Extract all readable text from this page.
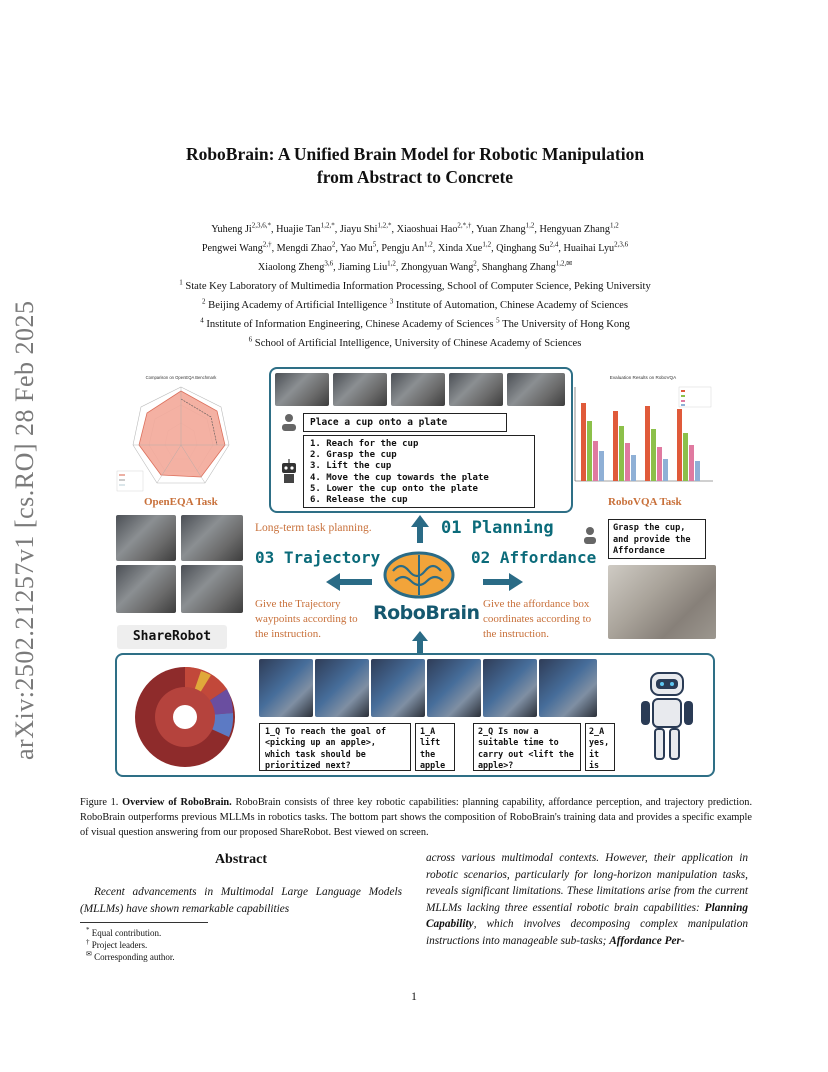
arXiv:2502.21257v1 [cs.RO] 28 Feb 2025
RoboBrain: A Unified Brain Model for Robotic Manipulation
from Abstract to Concrete
Yuheng $Ji^{2,3,6,*}$, Huajie Tan$^{1,2,*}$, Jiayu Shi$^{1,2,*}$, Xiaoshuai Hao$^{2,*,\dagger}$, Yuan Zhang$^{1,2}$, Hengyuan Zhang$^{1,2}$
Pengwei Wang$^{2,\dagger}$, Mengdi Zhao$^2$, Yao Mu$^5$, Pengju An$^{1,2}$, Xinda Xue$^{1,2}$, Qinghang Su$^{2,4}$, Huaihai Lyu$^{2,3,6}$
Xiaolong Zheng$^{3,6}$, Jiaming Liu$^{1,2}$, Zhongyuan Wang$^2$, Shanghang Zhang$^{1,2,✉}$
$^1$ State Key Laboratory of Multimedia Information Processing, School of Computer Science, Peking University
$^2$ Beijing Academy of Artificial Intelligence $^3$ Institute of Automation, Chinese Academy of Sciences
$^4$ Institute of Information Engineering, Chinese Academy of Sciences $^5$ The University of Hong Kong
$^6$ School of Artificial Intelligence, University of Chinese Academy of Sciences
Comparison on OpenEQA Benchmark
OpenEQA Task
Place a cup onto a plate
1. Reach for the cup
2. Grasp the cup
3. Lift the cup
4. Move the cup towards the plate
5. Lower the cup onto the plate
6. Release the cup
Evaluation Results on RoboVQA
RoboVQA Task
Long-term task planning.	01 Planning
03 Trajectory	02 Affordance
RoboBrain
Give the Trajectory waypoints according to the instruction.
Give the affordance box coordinates according to the instruction.
Grasp the cup, and provide the Affordance
ShareRobot
1_Q To reach the goal of <picking up an apple>, which task should be prioritized next?
1_A lift the apple
2_Q Is now a suitable time to carry out <lift the apple>?
2_A yes, it is
Figure 1. Overview of RoboBrain. RoboBrain consists of three key robotic capabilities: planning capability, affordance perception, and trajectory prediction. RoboBrain outperforms previous MLLMs in robotics tasks. The bottom part shows the composition of RoboBrain's training data and provides a specific example of visual question answering from our proposed ShareRobot. Best viewed on screen.
Abstract
Recent advancements in Multimodal Large Language Models (MLLMs) have shown remarkable capabilities
* Equal contribution.
† Project leaders.
✉ Corresponding author.
across various multimodal contexts. However, their application in robotic scenarios, particularly for long-horizon manipulation tasks, reveals significant limitations. These limitations arise from the current MLLMs lacking three essential robotic brain capabilities: Planning Capability, which involves decomposing complex manipulation instructions into manageable sub-tasks; Affordance Per-
1
